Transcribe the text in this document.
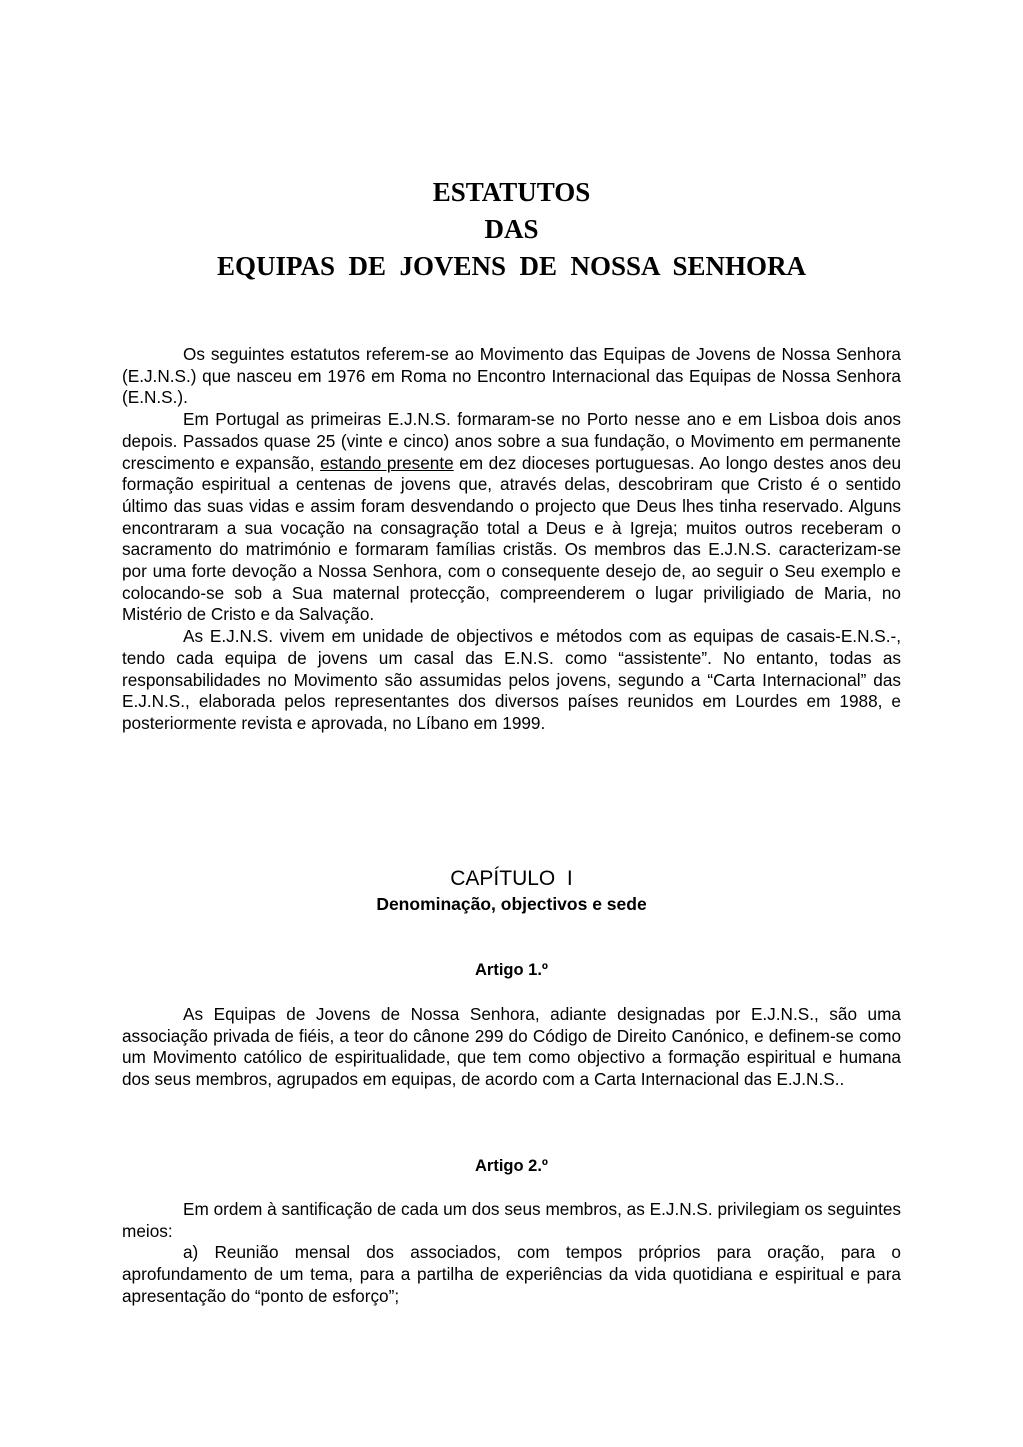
ESTATUTOS
DAS
EQUIPAS  DE  JOVENS  DE  NOSSA  SENHORA

Os seguintes estatutos referem-se ao Movimento das Equipas de Jovens de Nossa Senhora (E.J.N.S.) que nasceu em 1976 em Roma no Encontro Internacional das Equipas de Nossa Senhora (E.N.S.).

Em Portugal as primeiras E.J.N.S. formaram-se no Porto nesse ano e em Lisboa dois anos depois. Passados quase 25 (vinte e cinco) anos sobre a sua fundação, o Movimento em permanente crescimento e expansão, estando presente em dez dioceses portuguesas. Ao longo destes anos deu formação espiritual a centenas de jovens que, através delas, descobriram que Cristo é o sentido último das suas vidas e assim foram desvendando o projecto que Deus lhes tinha reservado. Alguns encontraram a sua vocação na consagração total a Deus e à Igreja; muitos outros receberam o sacramento do matrimónio e formaram famílias cristãs. Os membros das E.J.N.S. caracterizam-se por uma forte devoção a Nossa Senhora, com o consequente desejo de, ao seguir o Seu exemplo e colocando-se sob a Sua maternal protecção, compreenderem o lugar priviligiado de Maria, no Mistério de Cristo e da Salvação.

As E.J.N.S. vivem em unidade de objectivos e métodos com as equipas de casais-E.N.S.-, tendo cada equipa de jovens um casal das E.N.S. como “assistente”. No entanto, todas as responsabilidades no Movimento são assumidas pelos jovens, segundo a “Carta Internacional” das E.J.N.S., elaborada pelos representantes dos diversos países reunidos em Lourdes em 1988, e posteriormente revista e aprovada, no Líbano em 1999.

CAPÍTULO  I
Denominação, objectivos e sede
Artigo 1.º

As Equipas de Jovens de Nossa Senhora, adiante designadas por E.J.N.S., são uma associação privada de fiéis, a teor do cânone 299 do Código de Direito Canónico, e definem-se como um Movimento católico de espiritualidade, que tem como objectivo a formação espiritual e humana dos seus membros, agrupados em equipas, de acordo com a Carta Internacional das E.J.N.S..

Artigo 2.º

Em ordem à santificação de cada um dos seus membros, as E.J.N.S. privilegiam os seguintes meios:

a) Reunião mensal dos associados, com tempos próprios para oração, para o aprofundamento de um tema, para a partilha de experiências da vida quotidiana e espiritual e para apresentação do “ponto de esforço”;
